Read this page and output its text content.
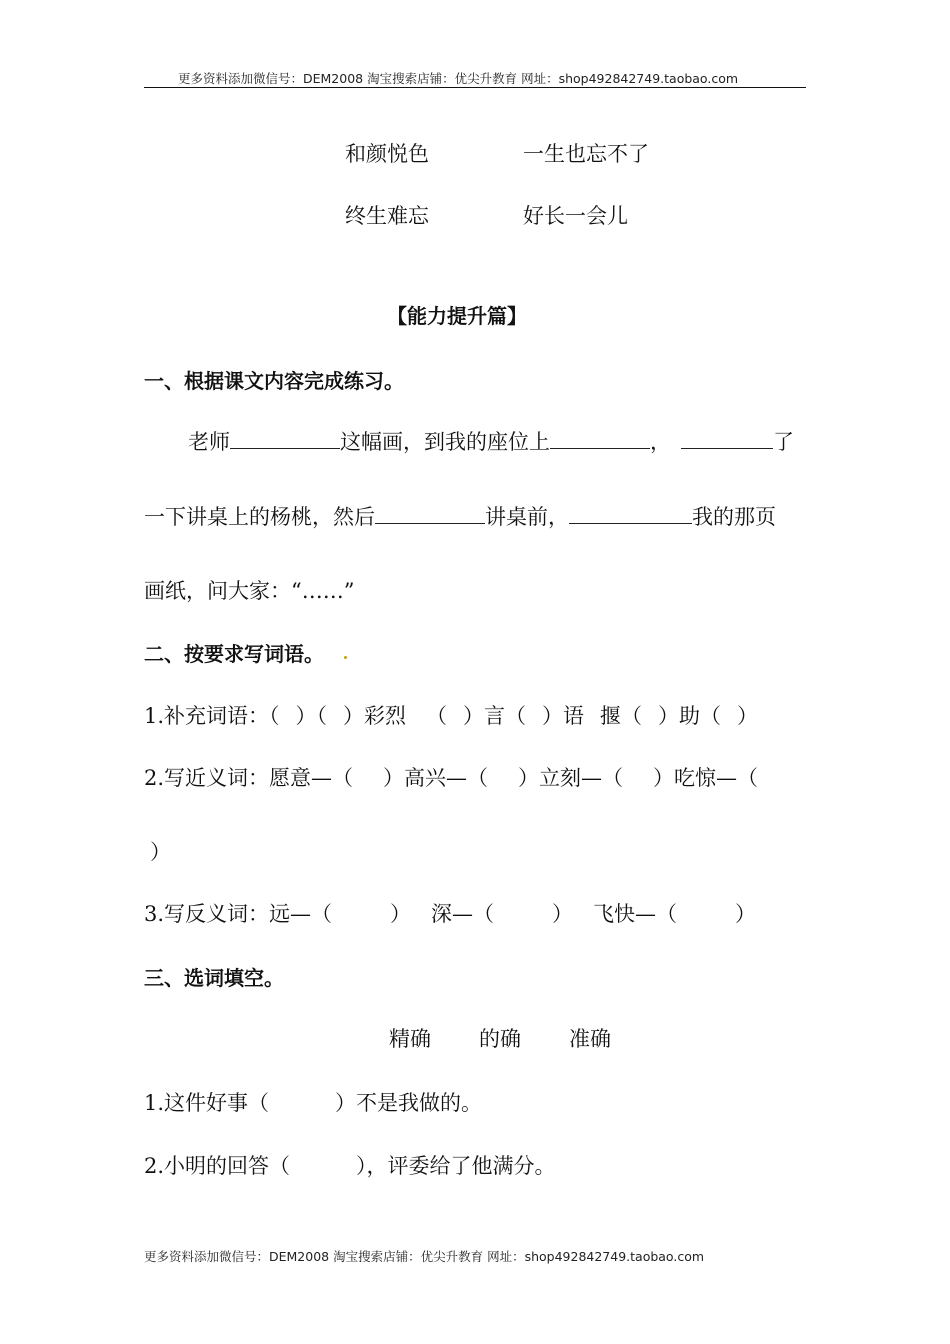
更多资料添加微信号：DEM2008 淘宝搜索店铺：优尖升教育 网址：shop492842749.taobao.com
和颜悦色	一生也忘不了
终生难忘	好长一会儿
【能力提升篇】
一、根据课文内容完成练习。
老师	这幅画，到我的座位上	，	了
一下讲桌上的杨桃，然后	讲桌前，	我的那页
画纸，问大家：“……”
二、按要求写词语。
1.补充词语：（ ）（ ）彩烈 （ ）言（ ）语 揠（ ）助（ ）
2.写近义词：愿意—（ ）高兴—（ ）立刻—（ ）吃惊—（
）
3.写反义词：远—（	） 深—（	） 飞快—（	）
三、选词填空。
精确 的确 准确
1.这件好事（	）不是我做的。
2.小明的回答（	），评委给了他满分。
更多资料添加微信号：DEM2008 淘宝搜索店铺：优尖升教育 网址：shop492842749.taobao.com
